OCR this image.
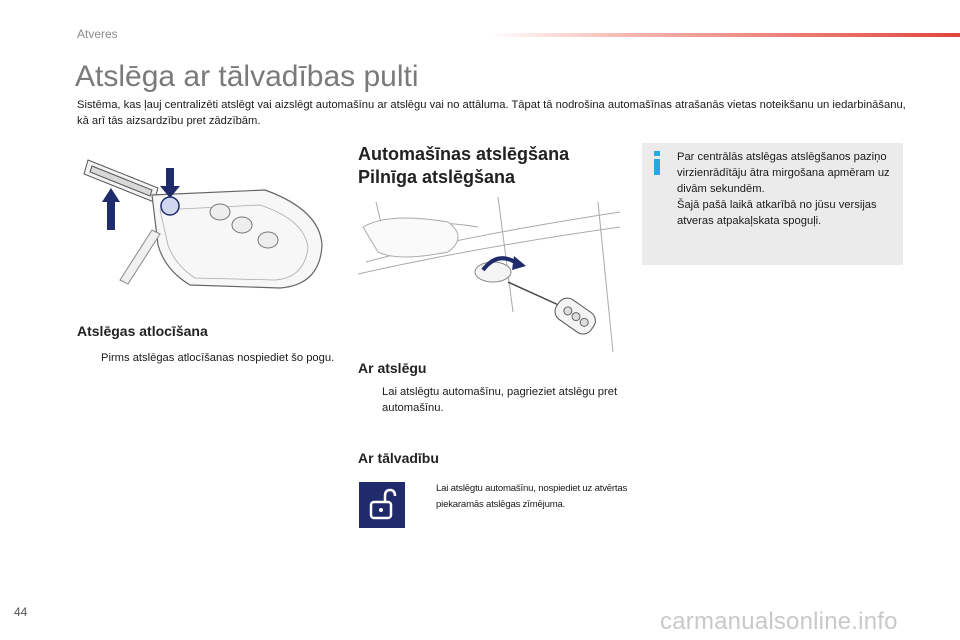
Atveres
Atslēga ar tālvadības pulti
Sistēma, kas ļauj centralizēti atslēgt vai aizslēgt automašīnu ar atslēgu vai no attāluma. Tāpat tā nodrošina automašīnas atrašanās vietas noteikšanu un iedarbināšanu, kā arī tās aizsardzību pret zādzībām.
Atslēgas atlocīšana
Pirms atslēgas atlocīšanas nospiediet šo pogu.
Automašīnas atslēgšana
Pilnīga atslēgšana
Ar atslēgu
Lai atslēgtu automašīnu, pagrieziet atslēgu pret automašīnu.
Ar tālvadību
Lai atslēgtu automašīnu, nospiediet uz atvērtas piekaramās atslēgas zīmējuma.
Par centrālās atslēgas atslēgšanos paziņo virzienrādītāju ātra mirgošana apmēram uz divām sekundēm.
Šajā pašā laikā atkarībā no jūsu versijas atveras atpakaļskata spoguļi.
44	carmanualsonline.info
